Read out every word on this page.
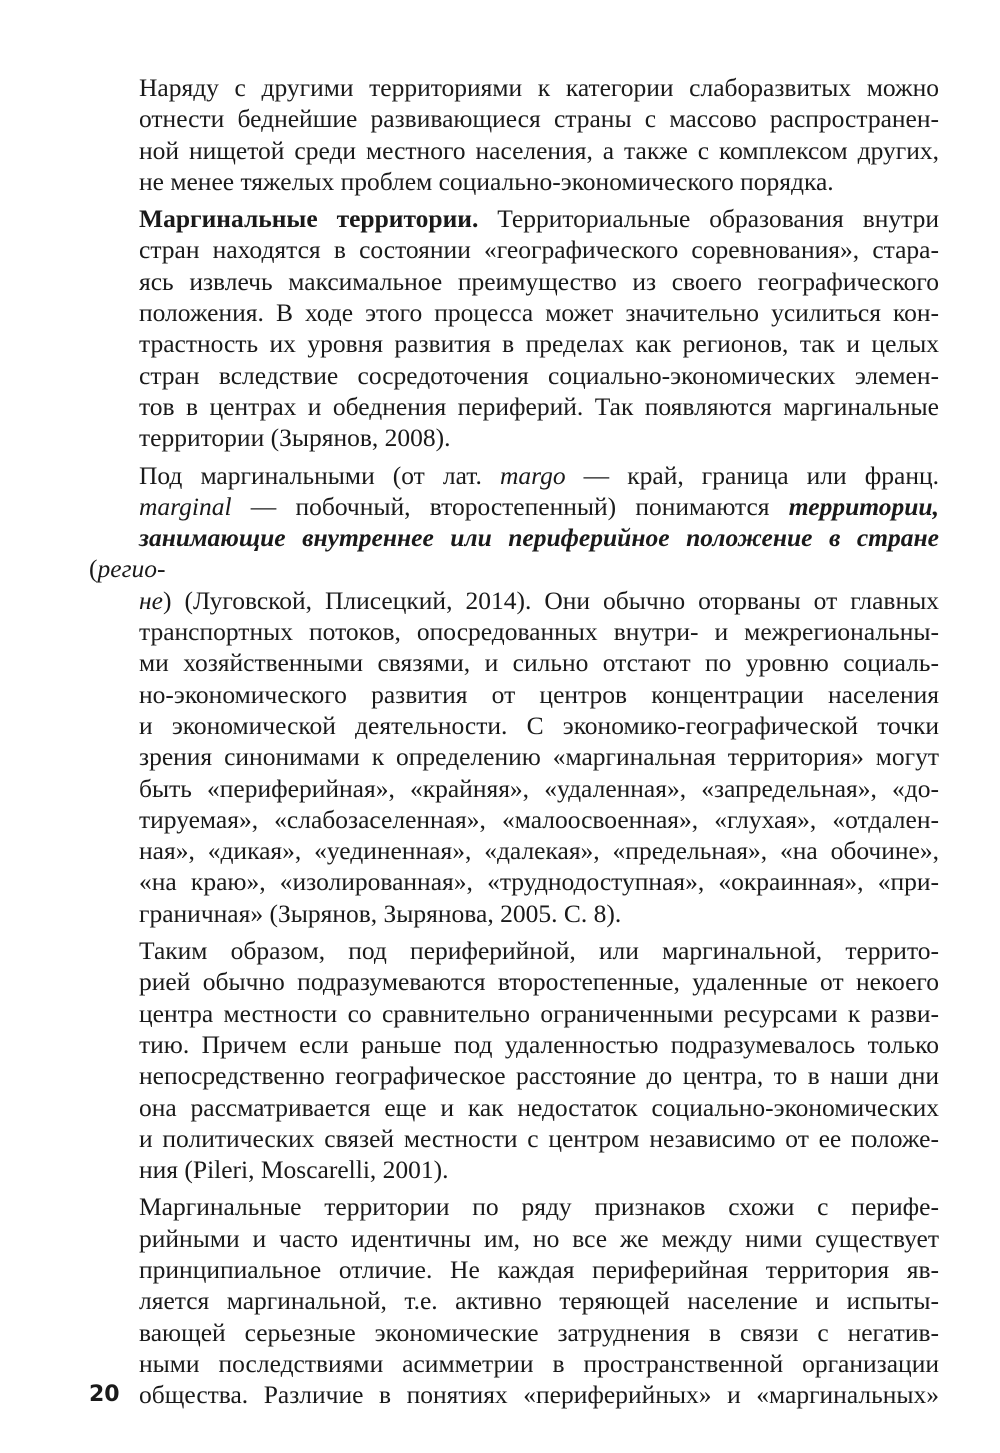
Наряду с другими территориями к категории слаборазвитых можно
отнести беднейшие развивающиеся страны с массово распространен-
ной нищетой среди местного населения, а также с комплексом других,
не менее тяжелых проблем социально-экономического порядка.

Маргинальные территории. Территориальные образования внутри
стран находятся в состоянии «географического соревнования», стара-
ясь извлечь максимальное преимущество из своего географического
положения. В ходе этого процесса может значительно усилиться кон-
трастность их уровня развития в пределах как регионов, так и целых
стран вследствие сосредоточения социально-экономических элемен-
тов в центрах и обеднения периферий. Так появляются маргинальные
территории (Зырянов, 2008).

Под маргинальными (от лат. margo — край, граница или франц.
marginal — побочный, второстепенный) понимаются территории,
занимающие внутреннее или периферийное положение в стране (регио-
не) (Луговской, Плисецкий, 2014). Они обычно оторваны от главных
транспортных потоков, опосредованных внутри- и межрегиональны-
ми хозяйственными связями, и сильно отстают по уровню социаль-
но-экономического развития от центров концентрации населения
и экономической деятельности. С экономико-географической точки
зрения синонимами к определению «маргинальная территория» могут
быть «периферийная», «крайняя», «удаленная», «запредельная», «до-
тируемая», «слабозаселенная», «малоосвоенная», «глухая», «отдален-
ная», «дикая», «уединенная», «далекая», «предельная», «на обочине»,
«на краю», «изолированная», «труднодоступная», «окраинная», «при-
граничная» (Зырянов, Зырянова, 2005. С. 8).

Таким образом, под периферийной, или маргинальной, террито-
рией обычно подразумеваются второстепенные, удаленные от некоего
центра местности со сравнительно ограниченными ресурсами к разви-
тию. Причем если раньше под удаленностью подразумевалось только
непосредственно географическое расстояние до центра, то в наши дни
она рассматривается еще и как недостаток социально-экономических
и политических связей местности с центром независимо от ее положе-
ния (Pileri, Moscarelli, 2001).

Маргинальные территории по ряду признаков схожи с перифе-
рийными и часто идентичны им, но все же между ними существует
принципиальное отличие. Не каждая периферийная территория яв-
ляется маргинальной, т.е. активно теряющей население и испыты-
вающей серьезные экономические затруднения в связи с негатив-
ными последствиями асимметрии в пространственной организации
общества. Различие в понятиях «периферийных» и «маргинальных»

20
